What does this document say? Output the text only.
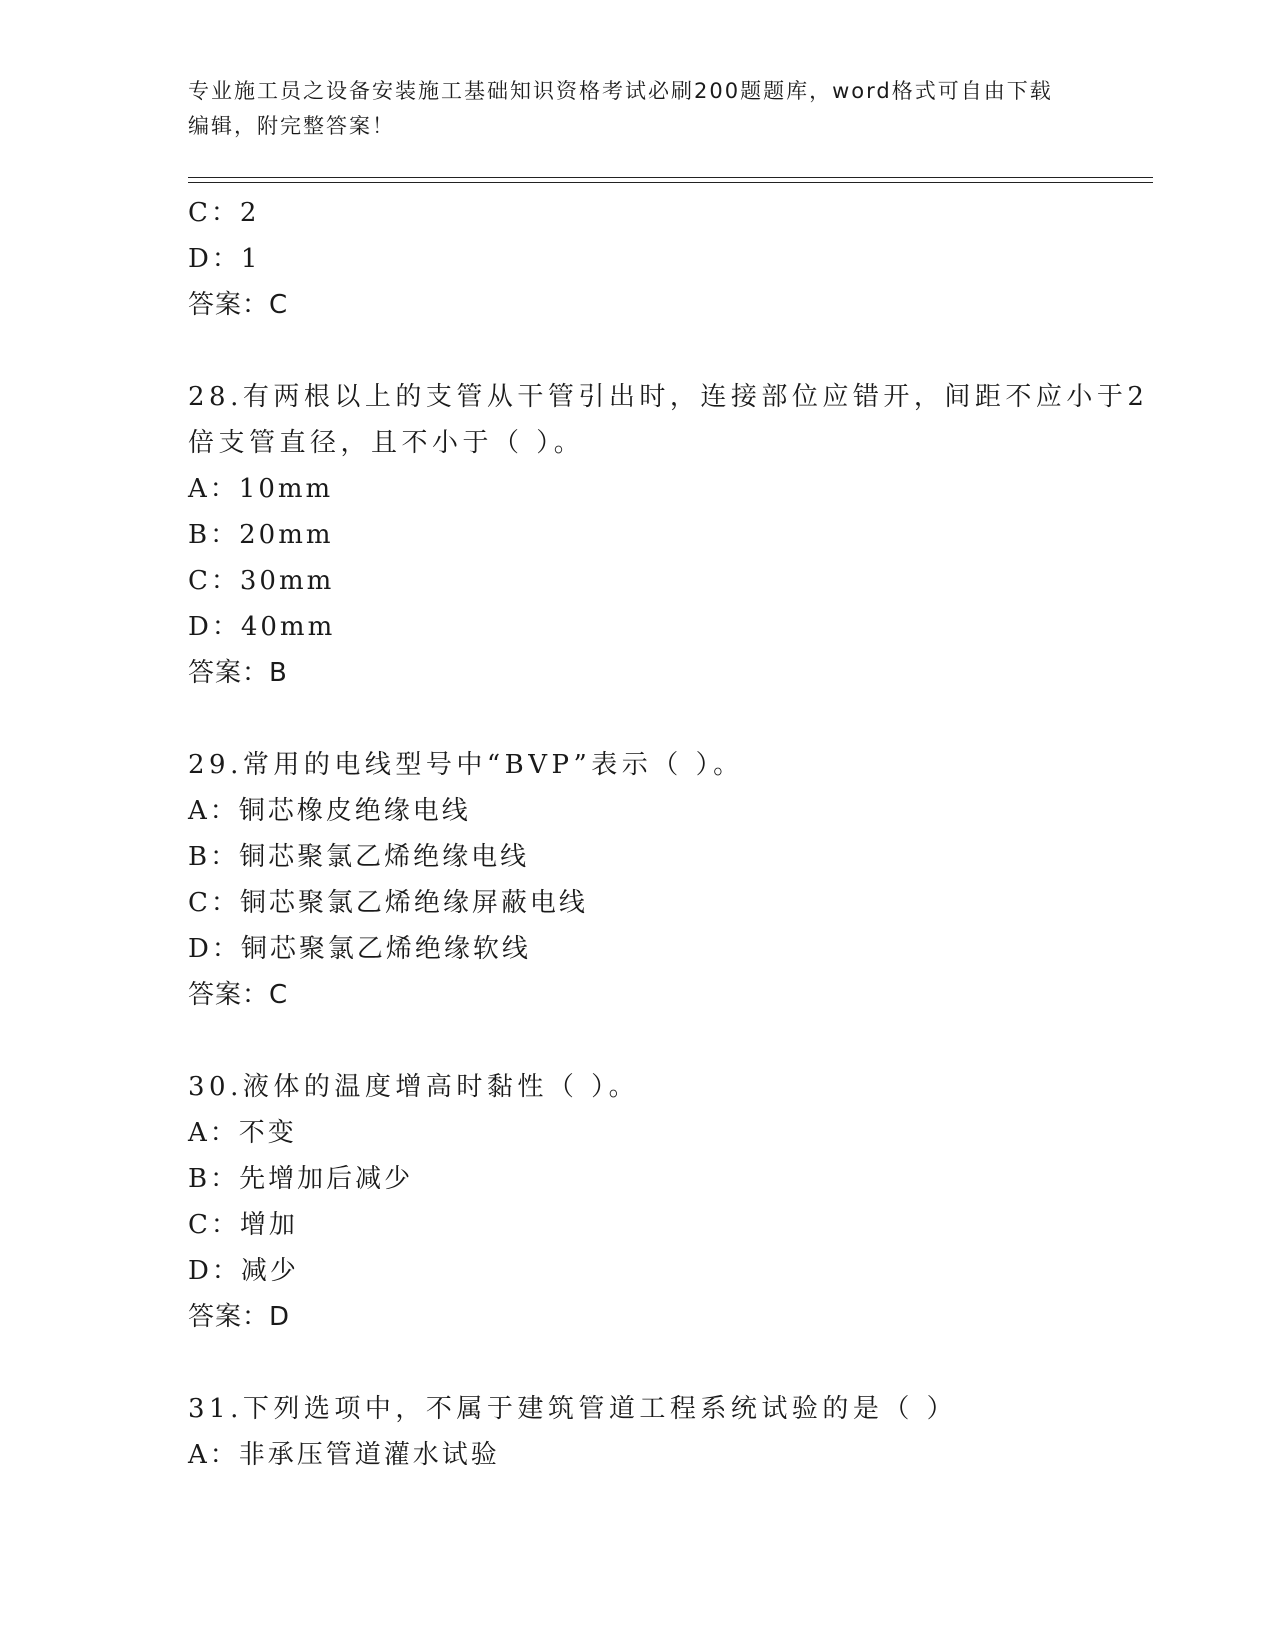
专业施工员之设备安装施工基础知识资格考试必刷200题题库，word格式可自由下载编辑，附完整答案！
C：2
D：1
答案：C
28.有两根以上的支管从干管引出时，连接部位应错开，间距不应小于2倍支管直径，且不小于（ ）。
A：10mm
B：20mm
C：30mm
D：40mm
答案：B
29.常用的电线型号中“BVP”表示（ ）。
A：铜芯橡皮绝缘电线
B：铜芯聚氯乙烯绝缘电线
C：铜芯聚氯乙烯绝缘屏蔽电线
D：铜芯聚氯乙烯绝缘软线
答案：C
30.液体的温度增高时黏性（ ）。
A：不变
B：先增加后减少
C：增加
D：减少
答案：D
31.下列选项中，不属于建筑管道工程系统试验的是（ ）
A：非承压管道灌水试验
